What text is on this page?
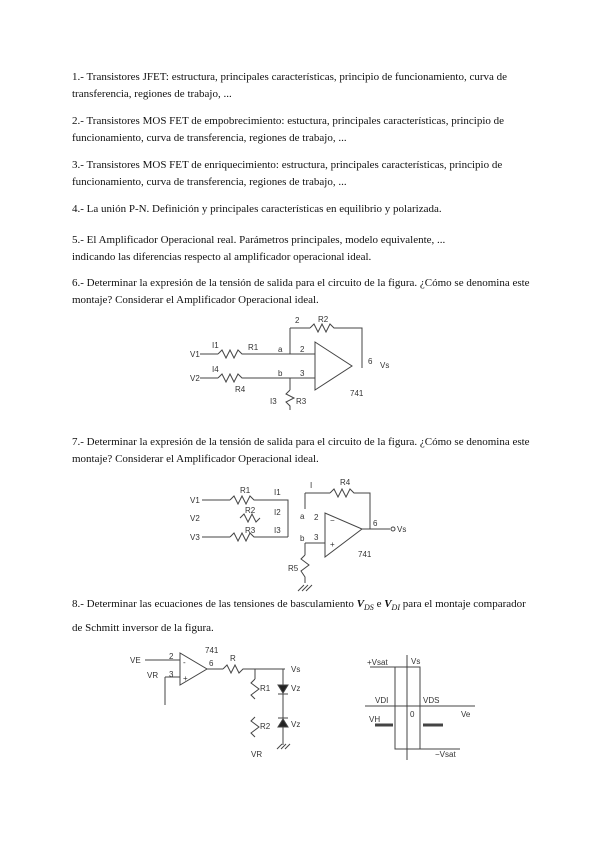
1.- Transistores JFET: estructura, principales características, principio de funcionamiento, curva de transferencia, regiones de trabajo, ...
2.- Transistores MOS FET de empobrecimiento: estuctura, principales características, principio de funcionamiento, curva de transferencia, regiones de trabajo, ...
3.- Transistores MOS FET de enriquecimiento: estructura, principales características, principio de funcionamiento, curva de transferencia, regiones de trabajo, ...
4.- La unión P-N. Definición y principales características en equilibrio y polarizada.
5.- El Amplificador Operacional real. Parámetros principales, modelo equivalente, ...
indicando las diferencias respecto al amplificador operacional ideal.
6.- Determinar la expresión de la tensión de salida para el circuito de la figura. ¿Cómo se denomina este montaje? Considerar el Amplificador Operacional ideal.
V1
V2
I1
I4
R1
R4
R2
2
a
b
2
3
6 Vs
R3
I3
741
7.- Determinar la expresión de la tensión de salida para el circuito de la figura. ¿Cómo se denomina este montaje? Considerar el Amplificador Operacional ideal.
V1
V2
V3
R1
R2
R3
R4
R5
I1
I2
I3
I
a
b
2
3
−
+
6
Vs
741
8.- Determinar las ecuaciones de las tensiones de basculamiento $V_{DS}$ e $V_{DI}$ para el montaje comparador de Schmitt inversor de la figura.
VE
VR
2
3
-
+
741
6
R
R1
R2
Vz
Vz
Vs
VR
+Vsat
−Vsat
Vs
Ve
VDI	VDS
VH
0
